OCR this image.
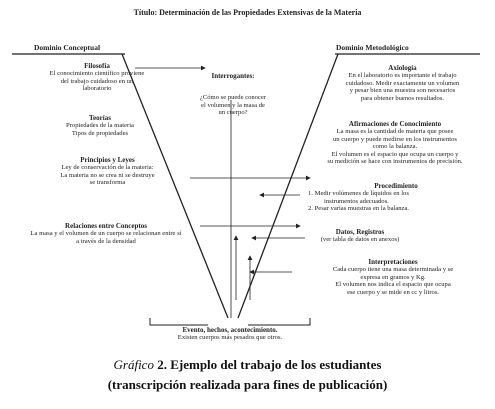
Título: Determinación de las Propiedades Extensivas de la Materia
Dominio Conceptual
Filosofía
El conocimiento científico proviene
del trabajo cuidadoso en un
laboratorio
Teorías
Propiedades de la materia
Tipos de propiedades
Principios y Leyes
Ley de conservación de la materia:
La materia no se crea ni se destruye
se transforma
Relaciones entre Conceptos
La masa y el volumen de un cuerpo se relacionan entre sí
a través de la densidad
Interrogantes:
¿Cómo se puede conocer
el volumen y la masa de
un cuerpo?
Evento, hechos, acontecimiento.
Existen cuerpos más pesados que otros.
Dominio Metodológico
Axiología
En el laboratorio es importante el trabajo
cuidadoso. Medir exactamente un volumen
y pesar bien una muestra son necesarios
para obtener buenos resultados.
Afirmaciones de Conocimiento
La masa es la cantidad de materia que posee
un cuerpo y puede medirse en los instrumentos
como la balanza.
El volumen es el espacio que ocupa un cuerpo y
su medición se hace con instrumentos de precisión.
Procedimiento
1. Medir volúmenes de líquidos en los
instrumentos adecuados.
2. Pesar varias muestras en la balanza.
Datos, Registros
(ver tabla de datos en anexos)
Interpretaciones
Cada cuerpo tiene una masa determinada y se
expresa en gramos y Kg.
El volumen nos indica el espacio que ocupa
ese cuerpo y se mide en cc y litros.
Gráfico 2. Ejemplo del trabajo de los estudiantes
(transcripción realizada para fines de publicación)
